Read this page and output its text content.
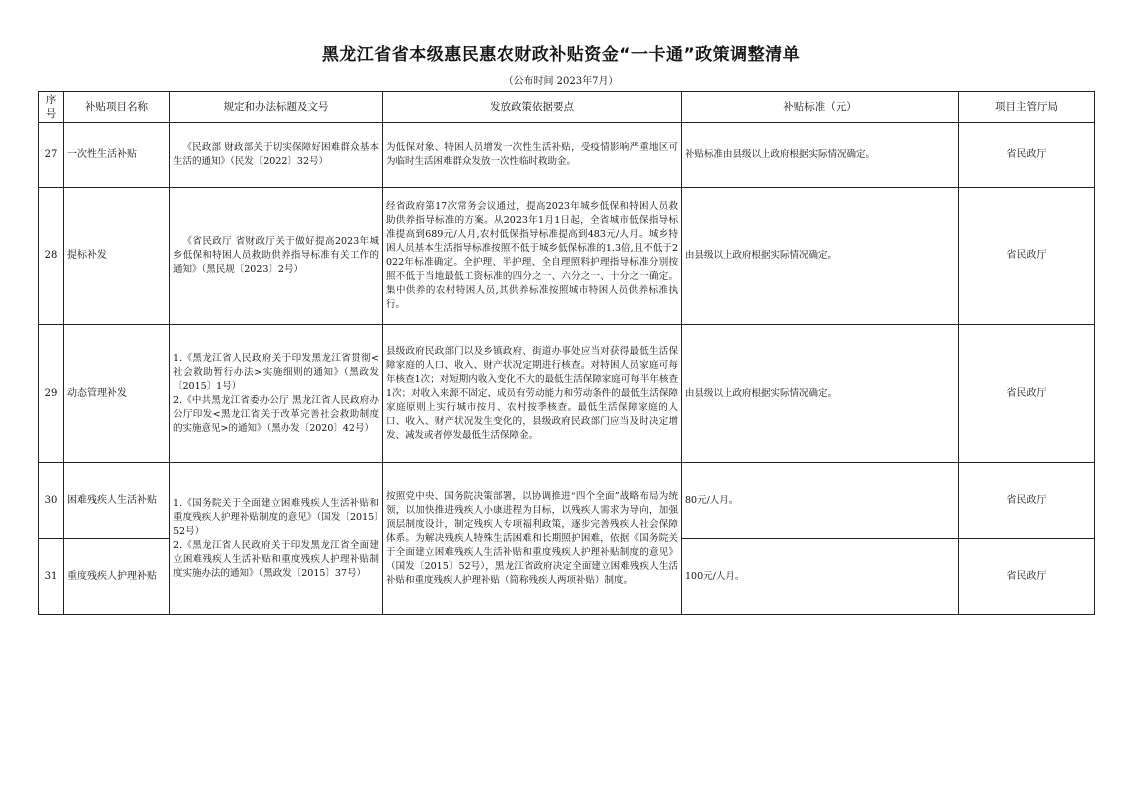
黑龙江省省本级惠民惠农财政补贴资金“一卡通”政策调整清单
（公布时间 2023年7月）
序号	补贴项目名称	规定和办法标题及文号	发放政策依据要点	补贴标准（元）	项目主管厅局
27	一次性生活补贴	《民政部 财政部关于切实保障好困难群众基本生活的通知》（民发〔2022〕32号）	为低保对象、特困人员增发一次性生活补贴，受疫情影响严重地区可为临时生活困难群众发放一次性临时救助金。	补贴标准由县级以上政府根据实际情况确定。	省民政厅
28	提标补发	《省民政厅 省财政厅关于做好提高2023年城乡低保和特困人员救助供养指导标准有关工作的通知》（黑民规〔2023〕2号）	经省政府第17次常务会议通过，提高2023年城乡低保和特困人员救助供养指导标准的方案。从2023年1月1日起，全省城市低保指导标准提高到689元/人月,农村低保指导标准提高到483元/人月。城乡特困人员基本生活指导标准按照不低于城乡低保标准的1.3倍,且不低于2022年标准确定。全护理、半护理、全自理照料护理指导标准分别按照不低于当地最低工资标准的四分之一、六分之一、十分之一确定。集中供养的农村特困人员,其供养标准按照城市特困人员供养标准执行。	由县级以上政府根据实际情况确定。	省民政厅
29	动态管理补发	1.《黑龙江省人民政府关于印发黑龙江省贯彻<社会救助暂行办法>实施细则的通知》（黑政发〔2015〕1号）

2.《中共黑龙江省委办公厅 黑龙江省人民政府办公厅印发<黑龙江省关于改革完善社会救助制度的实施意见>的通知》（黑办发〔2020〕42号）	县级政府民政部门以及乡镇政府、街道办事处应当对获得最低生活保障家庭的人口、收入、财产状况定期进行核查。对特困人员家庭可每年核查1次；对短期内收入变化不大的最低生活保障家庭可每半年核查1次；对收入来源不固定、成员有劳动能力和劳动条件的最低生活保障家庭原则上实行城市按月、农村按季核查。最低生活保障家庭的人口、收入、财产状况发生变化的，县级政府民政部门应当及时决定增发、减发或者停发最低生活保障金。	由县级以上政府根据实际情况确定。	省民政厅
30	困难残疾人生活补贴	1.《国务院关于全面建立困难残疾人生活补贴和重度残疾人护理补贴制度的意见》（国发〔2015〕52号）

2.《黑龙江省人民政府关于印发黑龙江省全面建立困难残疾人生活补贴和重度残疾人护理补贴制度实施办法的通知》（黑政发〔2015〕37号）	按照党中央、国务院决策部署，以协调推进“四个全面”战略布局为统领，以加快推进残疾人小康进程为目标，以残疾人需求为导向，加强顶层制度设计，制定残疾人专项福利政策，逐步完善残疾人社会保障体系。为解决残疾人特殊生活困难和长期照护困难，依据《国务院关于全面建立困难残疾人生活补贴和重度残疾人护理补贴制度的意见》（国发〔2015〕52号），黑龙江省政府决定全面建立困难残疾人生活补贴和重度残疾人护理补贴（简称残疾人两项补贴）制度。	80元/人月。	省民政厅
31	重度残疾人护理补贴			100元/人月。	省民政厅
